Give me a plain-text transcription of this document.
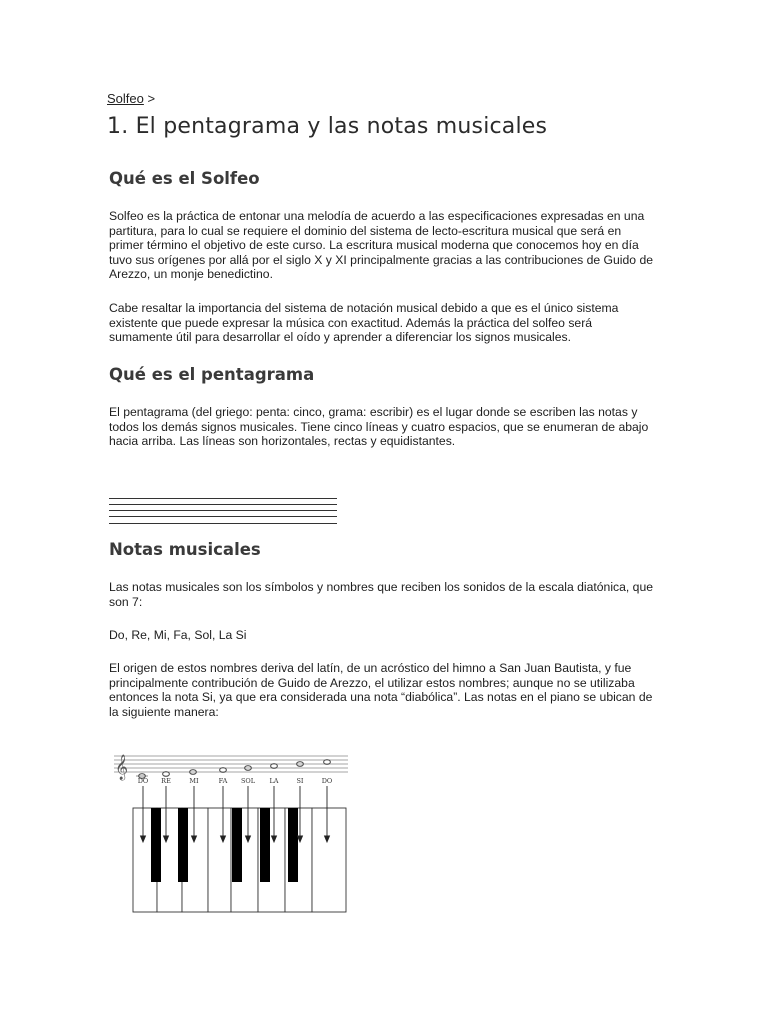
Solfeo >
1. El pentagrama y las notas musicales
Qué es el Solfeo

Solfeo es la práctica de entonar una melodía de acuerdo a las especificaciones expresadas en una partitura, para lo cual se requiere el dominio del sistema de lecto-escritura musical que será en primer término el objetivo de este curso. La escritura musical moderna que conocemos hoy en día tuvo sus orígenes por allá por el siglo X y XI principalmente gracias a las contribuciones de Guido de Arezzo, un monje benedictino.

Cabe resaltar la importancia del sistema de notación musical debido a que es el único sistema existente que puede expresar la música con exactitud. Además la práctica del solfeo será sumamente útil para desarrollar el oído y aprender a diferenciar los signos musicales.

Qué es el pentagrama

El pentagrama (del griego: penta: cinco, grama: escribir) es el lugar donde se escriben las notas y todos los demás signos musicales. Tiene cinco líneas y cuatro espacios, que se enumeran de abajo hacia arriba. Las líneas son horizontales, rectas y equidistantes.

Notas musicales

Las notas musicales son los símbolos y nombres que reciben los sonidos de la escala diatónica, que son 7:

Do, Re, Mi, Fa, Sol, La Si

El origen de estos nombres deriva del latín, de un acróstico del himno a San Juan Bautista, y fue principalmente contribución de Guido de Arezzo, el utilizar estos nombres; aunque no se utilizaba entonces la nota Si, ya que era considerada una nota “diabólica”. Las notas en el piano se ubican de la siguiente manera:

𝄞
DO RE	MI	FA SOL LA	SI	DO
